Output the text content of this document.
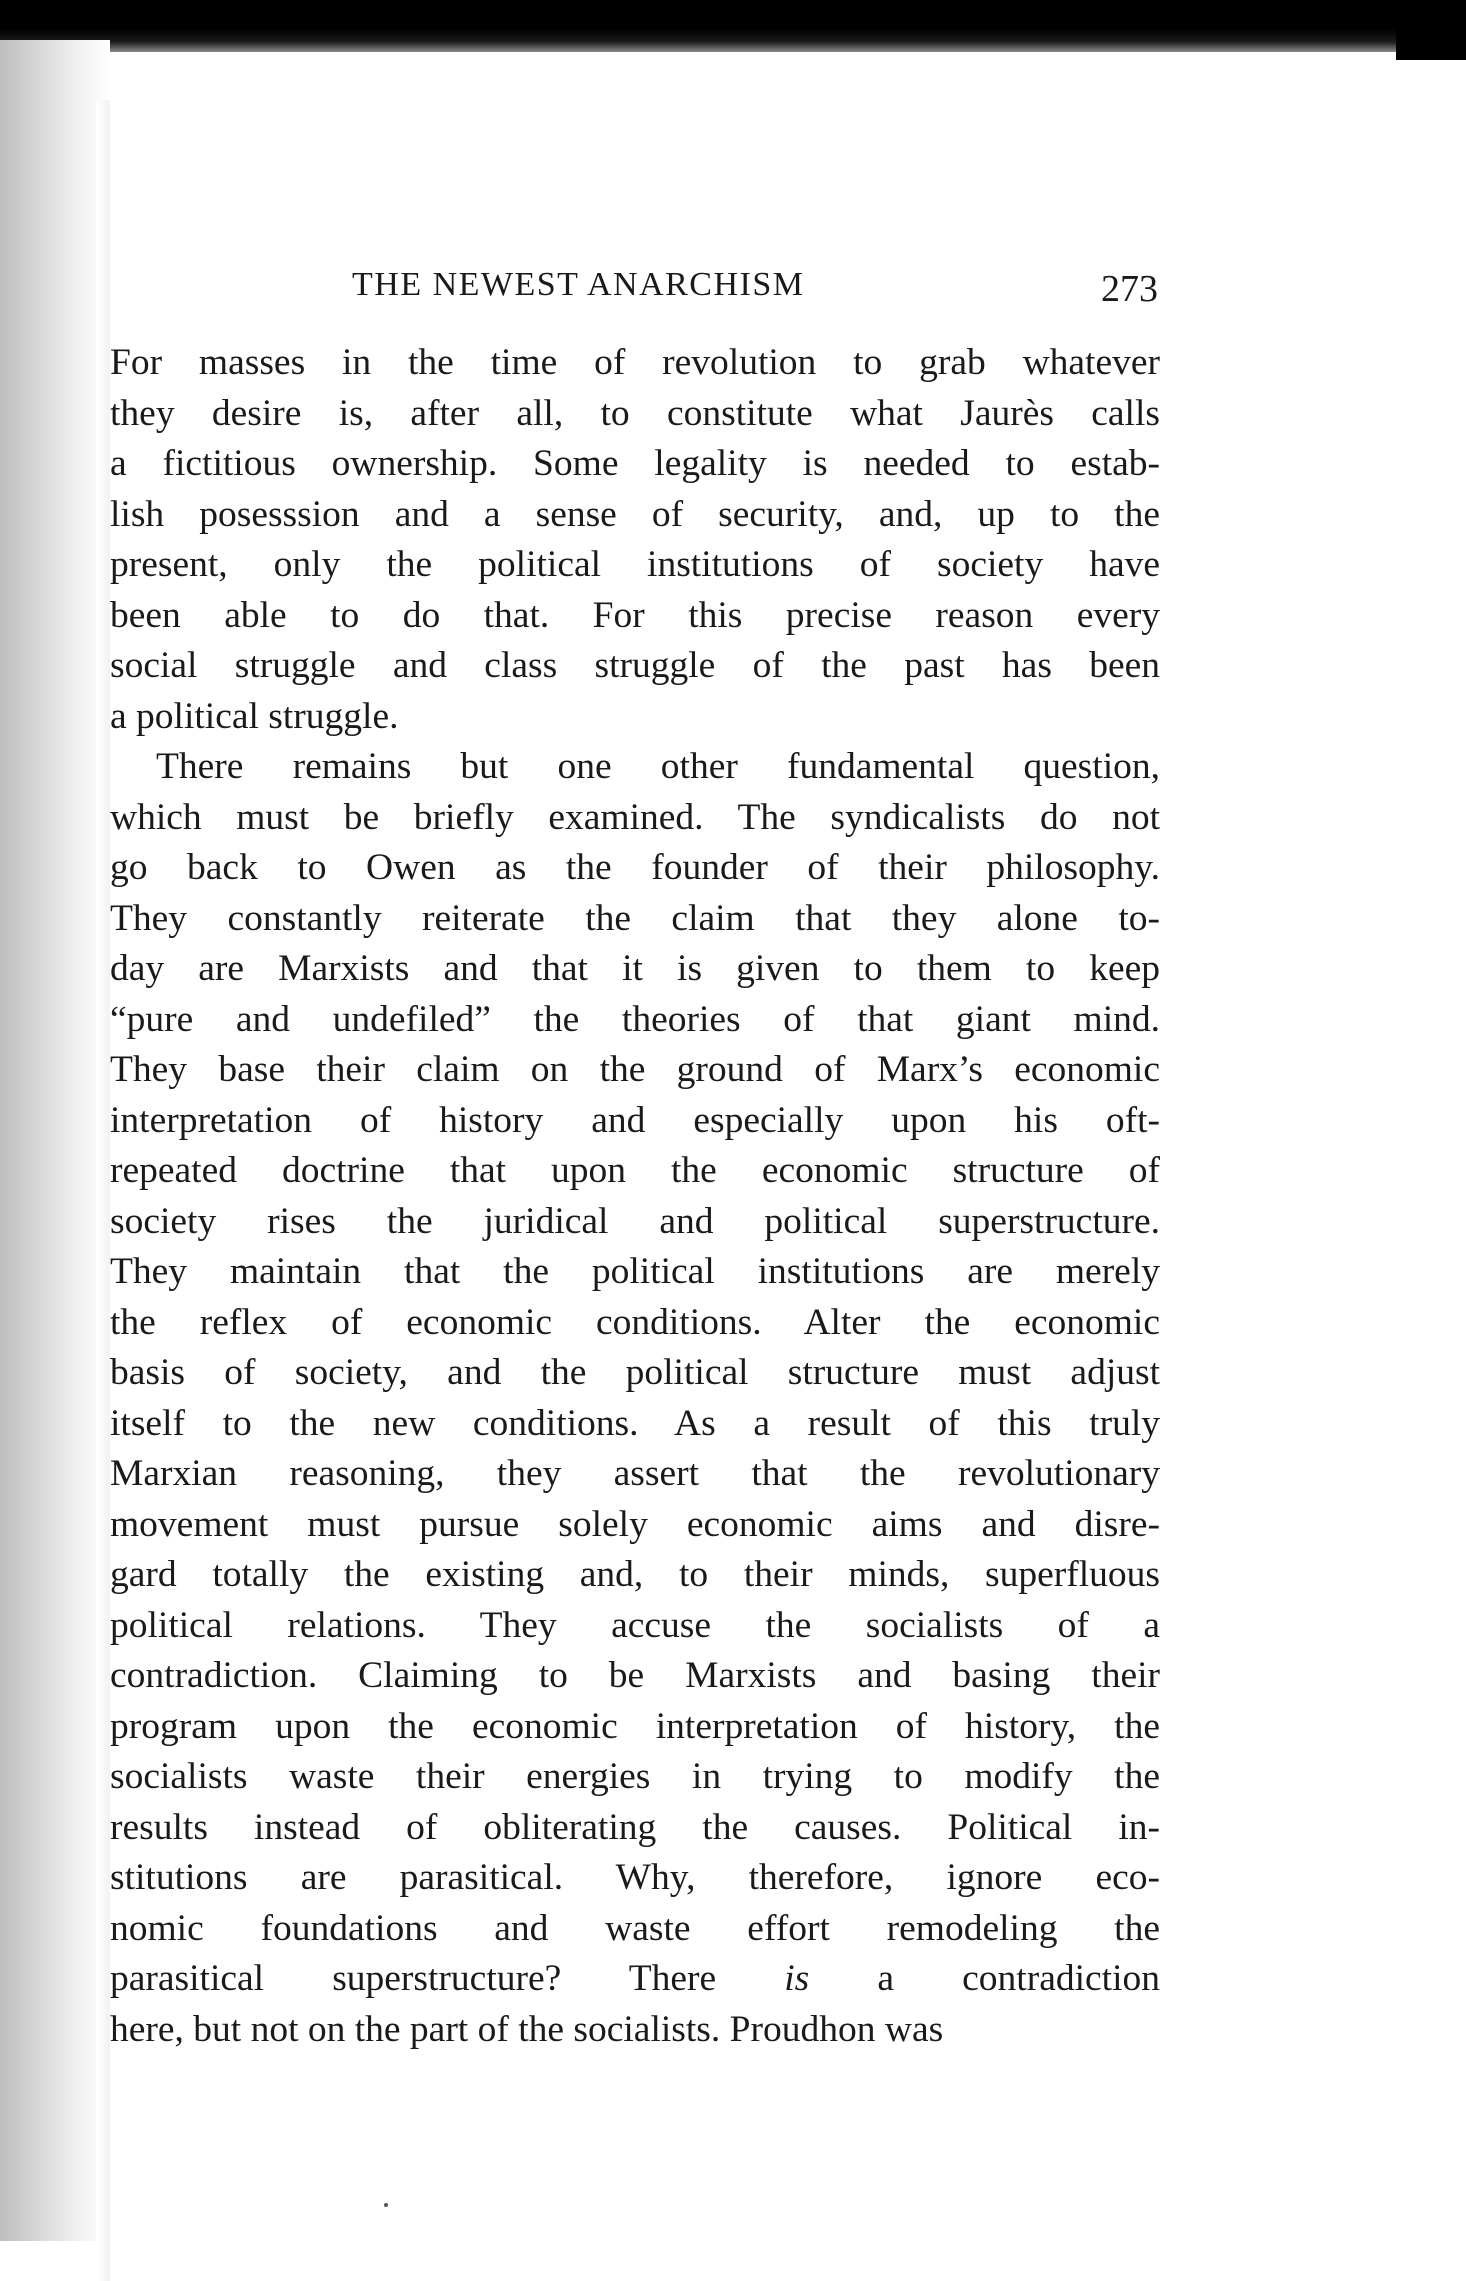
THE NEWEST ANARCHISM	273
For masses in the time of revolution to grab whatever
they desire is, after all, to constitute what Jaurès calls
a fictitious ownership. Some legality is needed to estab-
lish posesssion and a sense of security, and, up to the
present, only the political institutions of society have
been able to do that. For this precise reason every
social struggle and class struggle of the past has been
a political struggle.
There remains but one other fundamental question,
which must be briefly examined. The syndicalists do not
go back to Owen as the founder of their philosophy.
They constantly reiterate the claim that they alone to-
day are Marxists and that it is given to them to keep
“pure and undefiled” the theories of that giant mind.
They base their claim on the ground of Marx’s economic
interpretation of history and especially upon his oft-
repeated doctrine that upon the economic structure of
society rises the juridical and political superstructure.
They maintain that the political institutions are merely
the reflex of economic conditions. Alter the economic
basis of society, and the political structure must adjust
itself to the new conditions. As a result of this truly
Marxian reasoning, they assert that the revolutionary
movement must pursue solely economic aims and disre-
gard totally the existing and, to their minds, superfluous
political relations. They accuse the socialists of a
contradiction. Claiming to be Marxists and basing their
program upon the economic interpretation of history, the
socialists waste their energies in trying to modify the
results instead of obliterating the causes. Political in-
stitutions are parasitical. Why, therefore, ignore eco-
nomic foundations and waste effort remodeling the
parasitical superstructure? There is a contradiction
here, but not on the part of the socialists. Proudhon was
